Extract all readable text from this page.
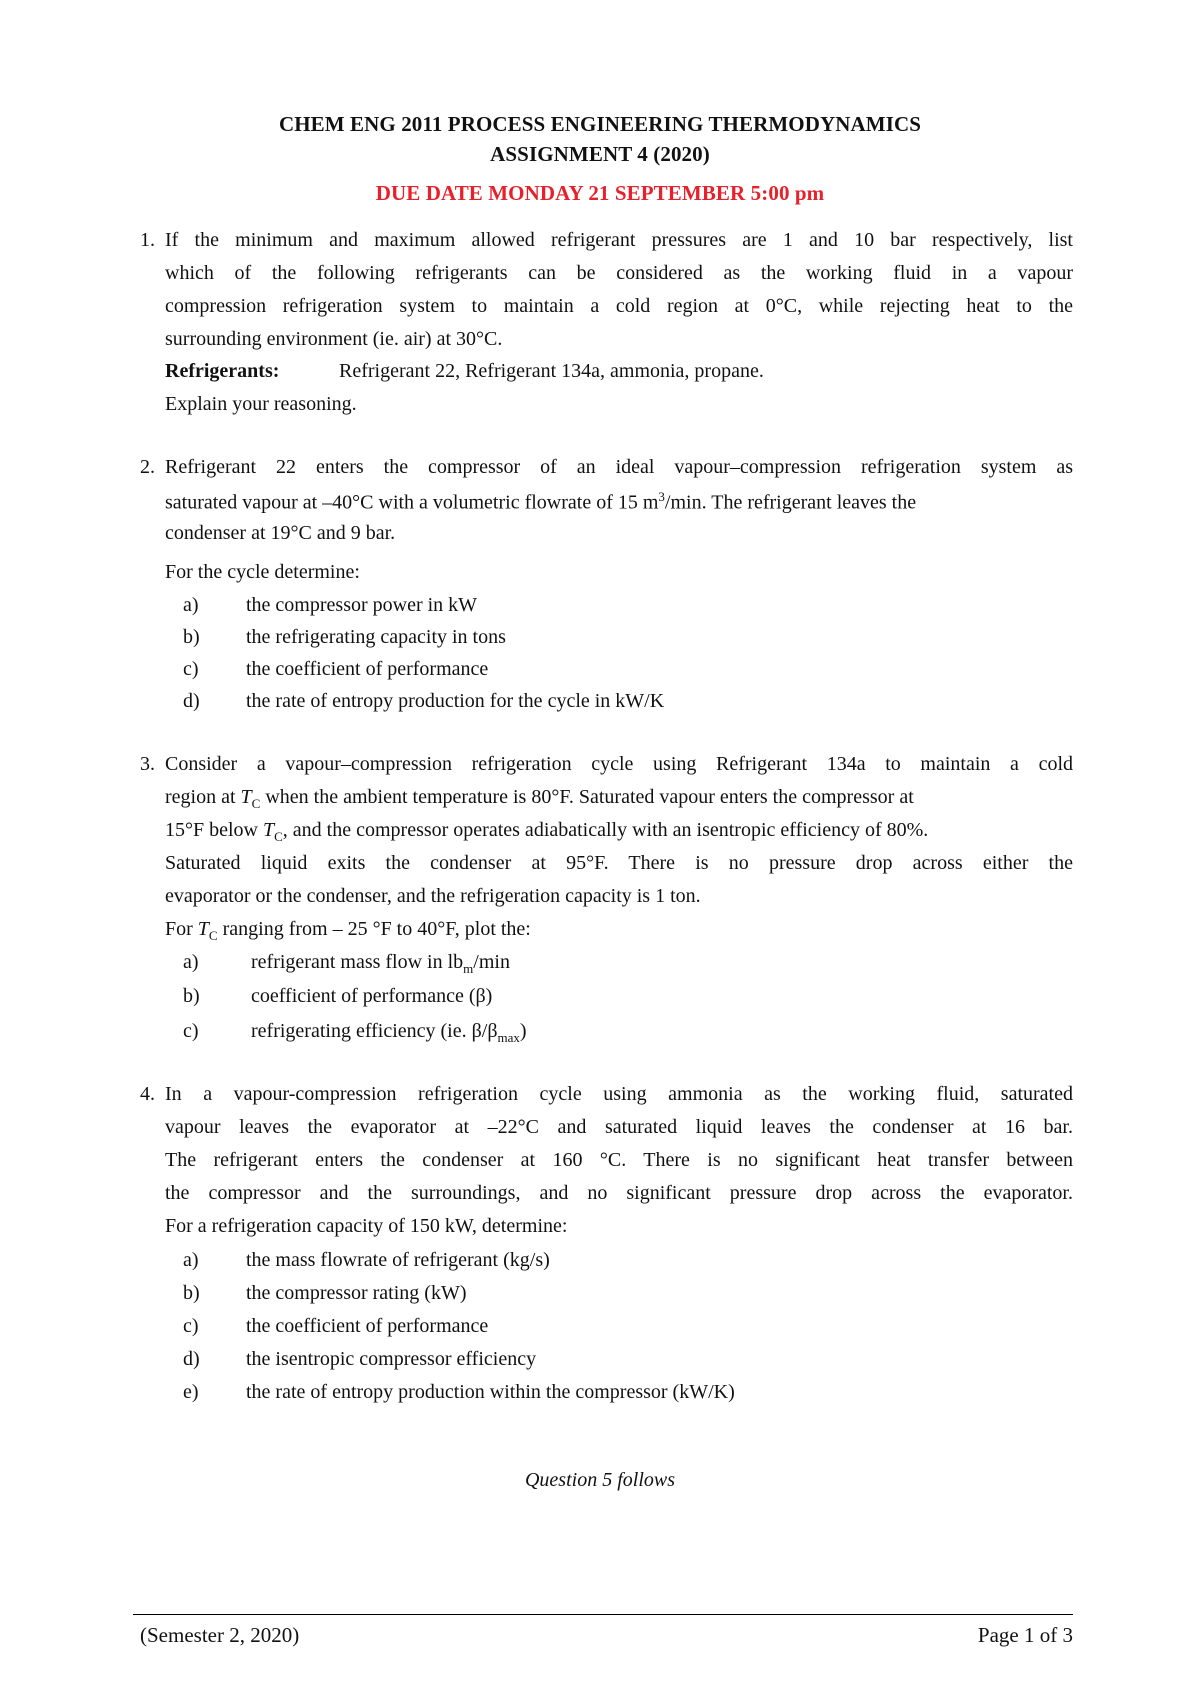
CHEM ENG 2011 PROCESS ENGINEERING THERMODYNAMICS
ASSIGNMENT 4 (2020)
DUE DATE MONDAY 21 SEPTEMBER 5:00 pm
1. If the minimum and maximum allowed refrigerant pressures are 1 and 10 bar respectively, list
which of the following refrigerants can be considered as the working fluid in a vapour
compression refrigeration system to maintain a cold region at 0°C, while rejecting heat to the
surrounding environment (ie. air) at 30°C.
Refrigerants:	Refrigerant 22, Refrigerant 134a, ammonia, propane.
Explain your reasoning.
2. Refrigerant 22 enters the compressor of an ideal vapour–compression refrigeration system as
saturated vapour at –40°C with a volumetric flowrate of 15 $m^3/\min$. The refrigerant leaves the
condenser at 19°C and 9 bar.
For the cycle determine:
a) the compressor power in kW
b) the refrigerating capacity in tons
c) the coefficient of performance
d) the rate of entropy production for the cycle in kW/K
3. Consider a vapour–compression refrigeration cycle using Refrigerant 134a to maintain a cold
region at $T_C$ when the ambient temperature is 80°F. Saturated vapour enters the compressor at
15°F below $T_C$, and the compressor operates adiabatically with an isentropic efficiency of 80%.
Saturated liquid exits the condenser at 95°F. There is no pressure drop across either the
evaporator or the condenser, and the refrigeration capacity is 1 ton.
For $T_C$ ranging from – 25 °F to 40°F, plot the:
a)	refrigerant mass flow in $lb_m/\min$
b)	coefficient of performance (β)
c)	refrigerating efficiency (ie. $\beta/\beta_{max}$)
4. In a vapour-compression refrigeration cycle using ammonia as the working fluid, saturated
vapour leaves the evaporator at –22°C and saturated liquid leaves the condenser at 16 bar.
The refrigerant enters the condenser at 160 °C. There is no significant heat transfer between
the compressor and the surroundings, and no significant pressure drop across the evaporator.
For a refrigeration capacity of 150 kW, determine:
a) the mass flowrate of refrigerant (kg/s)
b) the compressor rating (kW)
c) the coefficient of performance
d) the isentropic compressor efficiency
e) the rate of entropy production within the compressor (kW/K)
Question 5 follows
(Semester 2, 2020)	Page 1 of 3
